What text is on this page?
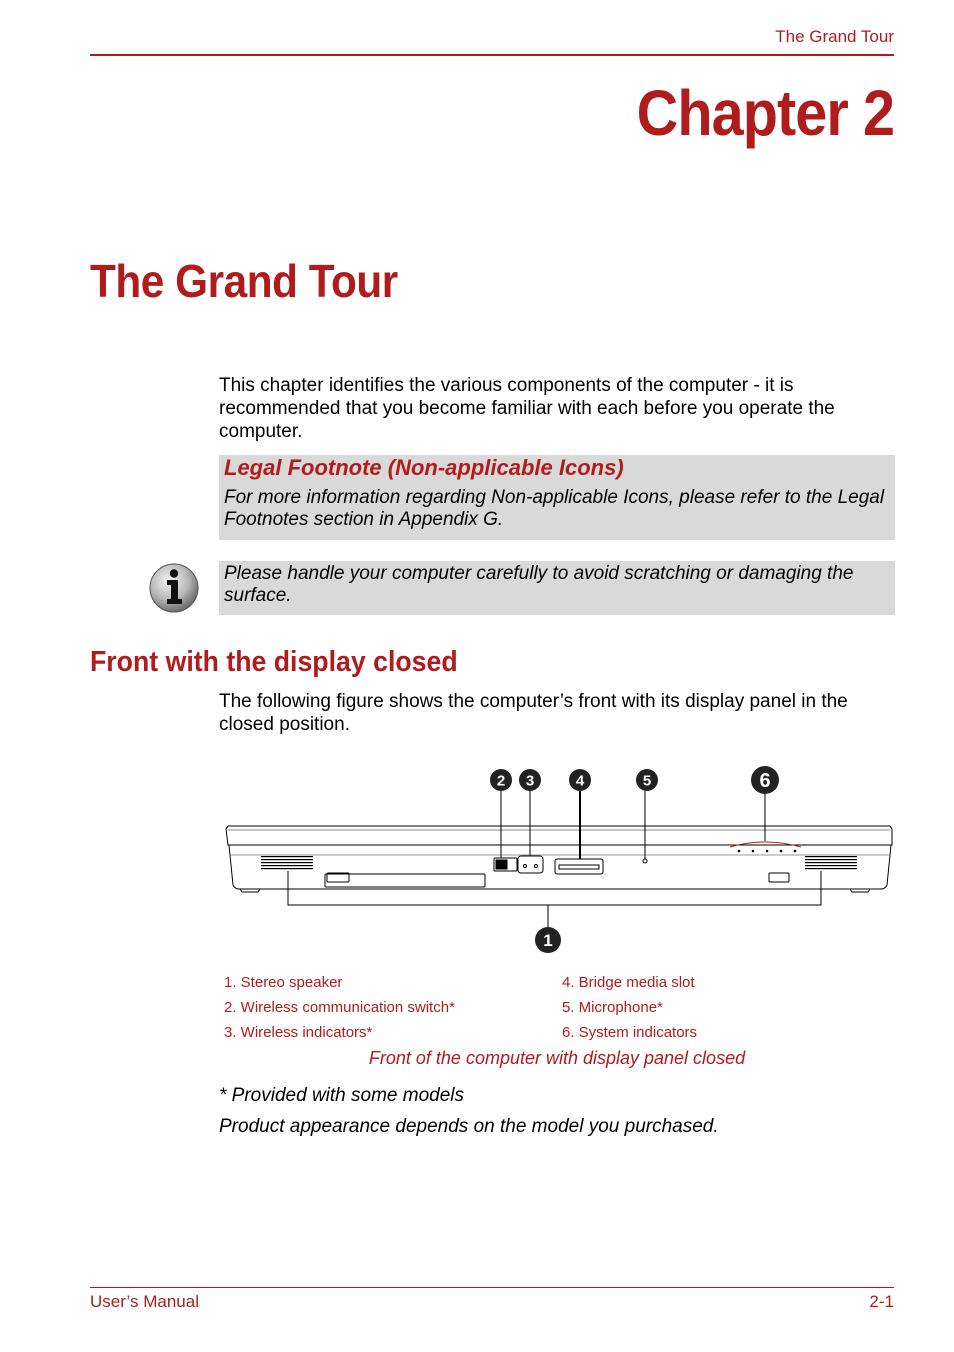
The Grand Tour
Chapter 2
The Grand Tour
This chapter identifies the various components of the computer - it is recommended that you become familiar with each before you operate the computer.
Legal Footnote (Non-applicable Icons)
For more information regarding Non-applicable Icons, please refer to the Legal Footnotes section in Appendix G.
Please handle your computer carefully to avoid scratching or damaging the surface.
Front with the display closed
The following figure shows the computer’s front with its display panel in the closed position.
2 3	4	5	6
1
1. Stereo speaker
2. Wireless communication switch*
3. Wireless indicators*
4. Bridge media slot
5. Microphone*
6. System indicators
Front of the computer with display panel closed
* Provided with some models
Product appearance depends on the model you purchased.
User’s Manual	2-1
